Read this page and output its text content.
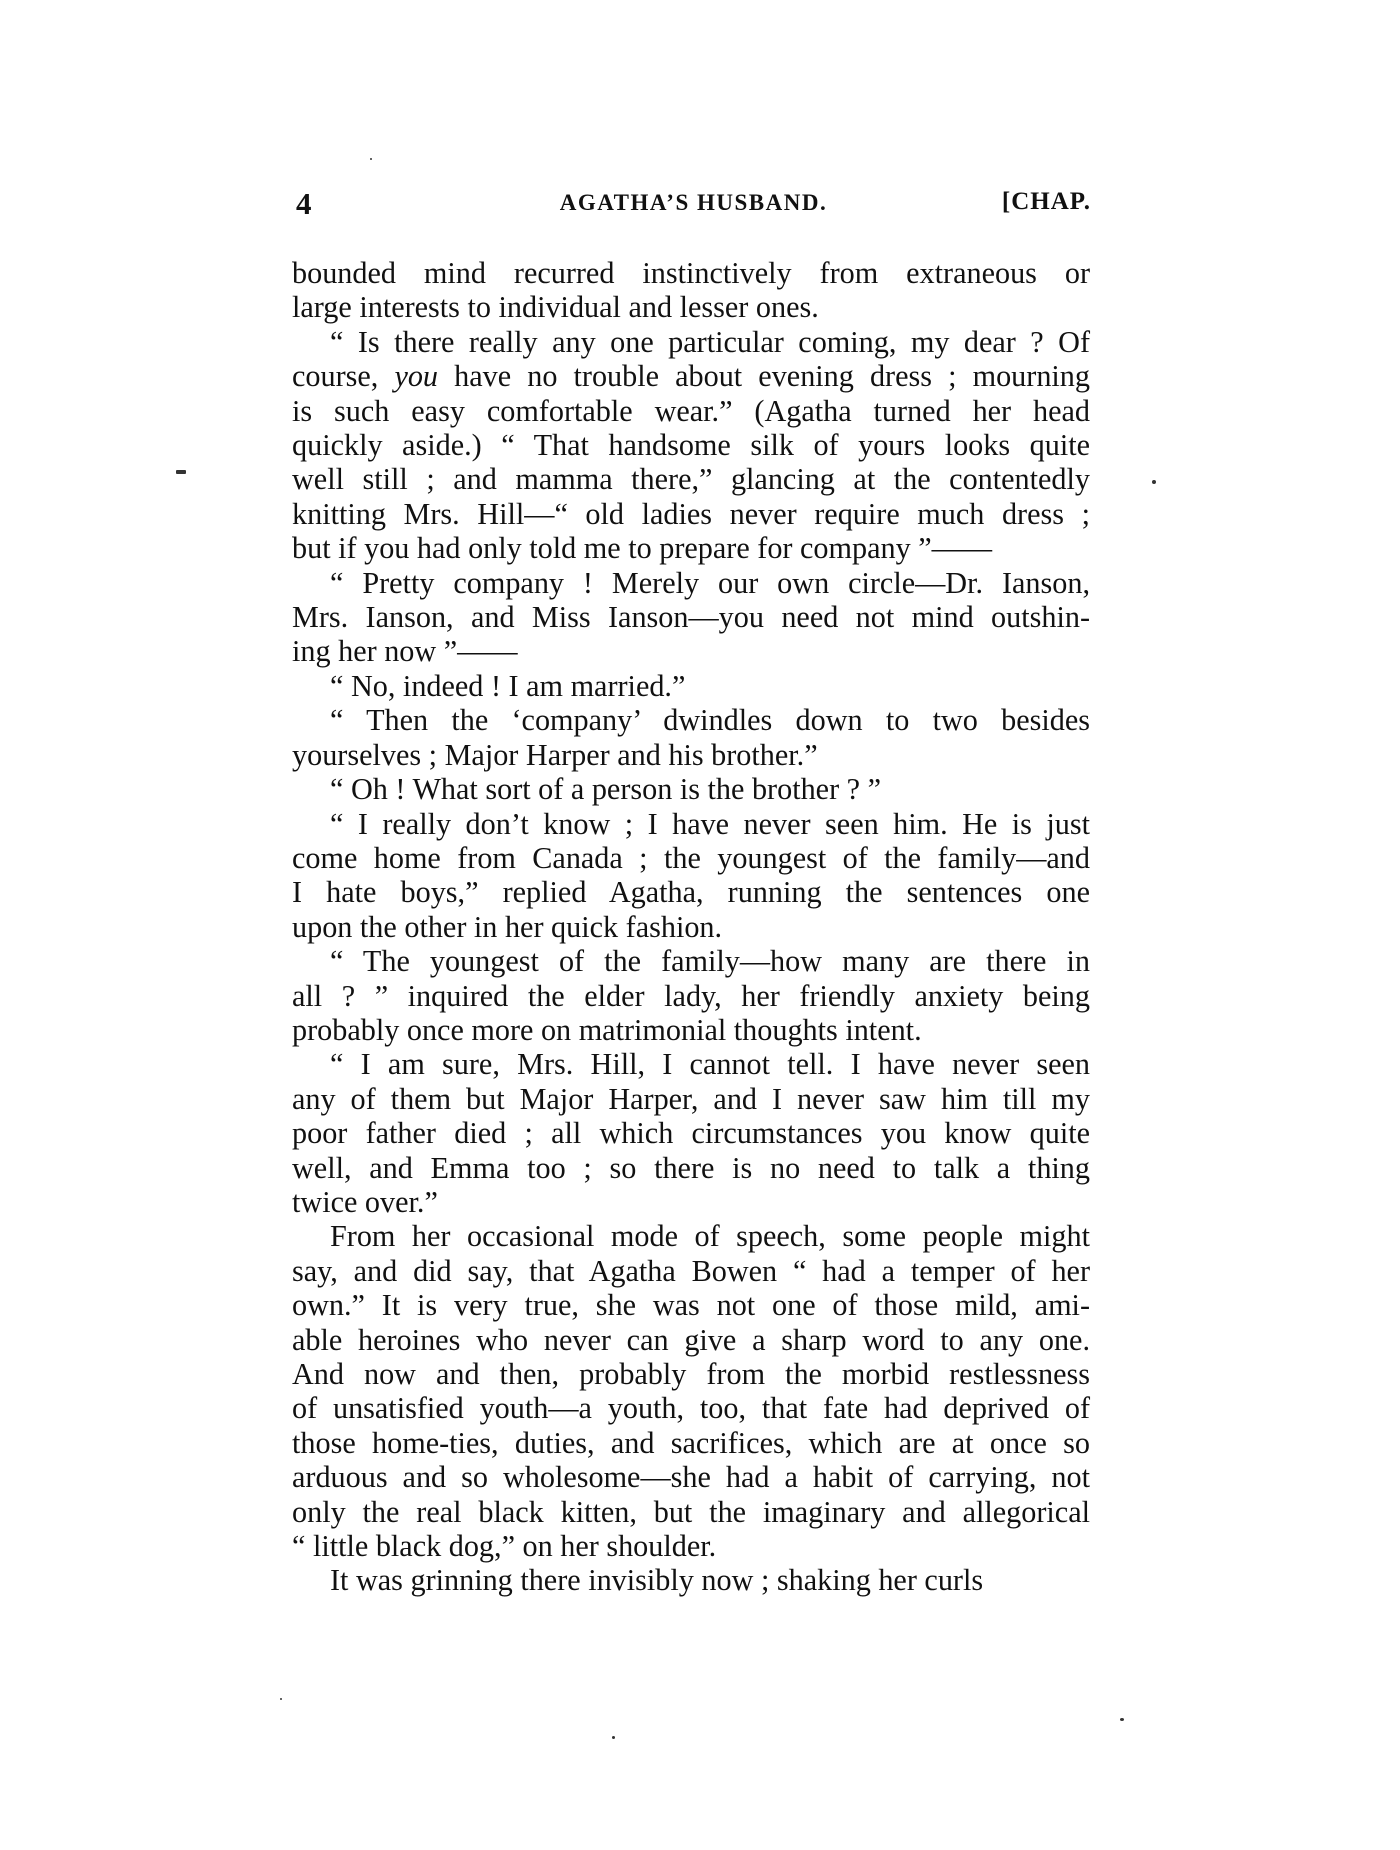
4	AGATHA’S HUSBAND.	[CHAP.

bounded mind recurred instinctively from extraneous or
large interests to individual and lesser ones.

“ Is there really any one particular coming, my dear ? Of
course, you have no trouble about evening dress ; mourning
is such easy comfortable wear.” (Agatha turned her head
quickly aside.) “ That handsome silk of yours looks quite
well still ; and mamma there,” glancing at the contentedly
knitting Mrs. Hill—“ old ladies never require much dress ;
but if you had only told me to prepare for company ”——

“ Pretty company ! Merely our own circle—Dr. Ianson,
Mrs. Ianson, and Miss Ianson—you need not mind outshin-
ing her now ”——

“ No, indeed ! I am married.”

“ Then the ‘company’ dwindles down to two besides
yourselves ; Major Harper and his brother.”

“ Oh ! What sort of a person is the brother ? ”

“ I really don’t know ; I have never seen him. He is just
come home from Canada ; the youngest of the family—and
I hate boys,” replied Agatha, running the sentences one
upon the other in her quick fashion.

“ The youngest of the family—how many are there in
all ? ” inquired the elder lady, her friendly anxiety being
probably once more on matrimonial thoughts intent.

“ I am sure, Mrs. Hill, I cannot tell. I have never seen
any of them but Major Harper, and I never saw him till my
poor father died ; all which circumstances you know quite
well, and Emma too ; so there is no need to talk a thing
twice over.”

From her occasional mode of speech, some people might
say, and did say, that Agatha Bowen “ had a temper of her
own.” It is very true, she was not one of those mild, ami-
able heroines who never can give a sharp word to any one.
And now and then, probably from the morbid restlessness
of unsatisfied youth—a youth, too, that fate had deprived of
those home-ties, duties, and sacrifices, which are at once so
arduous and so wholesome—she had a habit of carrying, not
only the real black kitten, but the imaginary and allegorical
“ little black dog,” on her shoulder.

It was grinning there invisibly now ; shaking her curls
